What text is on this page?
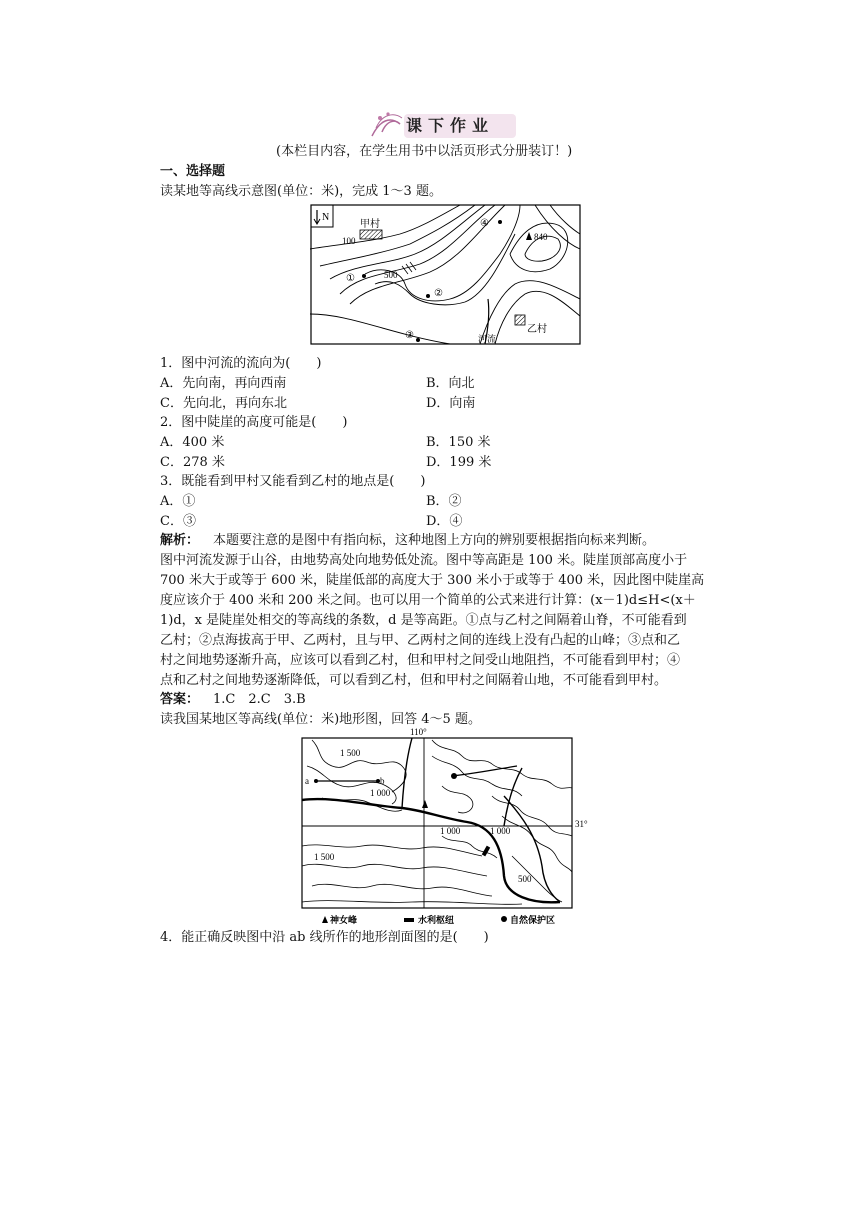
课下作业
(本栏目内容，在学生用书中以活页形式分册装订！)
一、选择题
读某地等高线示意图(单位：米)，完成 1～3 题。
N
甲村
100	840
500
①
②
③
④
乙村
河流
1．图中河流的流向为(　　)
A．先向南，再向西南	B．向北
C．先向北，再向东北	D．向南
2．图中陡崖的高度可能是(　　)
A．400 米	B．150 米
C．278 米	D．199 米
3．既能看到甲村又能看到乙村的地点是(　　)
A．①	B．②
C．③	D．④
解析： 本题要注意的是图中有指向标，这种地图上方向的辨别要根据指向标来判断。
图中河流发源于山谷，由地势高处向地势低处流。图中等高距是 100 米。陡崖顶部高度小于
700 米大于或等于 600 米，陡崖低部的高度大于 300 米小于或等于 400 米，因此图中陡崖高
度应该介于 400 米和 200 米之间。也可以用一个简单的公式来进行计算：(x－1)d≤H<(x＋
1)d，x 是陡崖处相交的等高线的条数，d 是等高距。①点与乙村之间隔着山脊，不可能看到
乙村；②点海拔高于甲、乙两村，且与甲、乙两村之间的连线上没有凸起的山峰；③点和乙
村之间地势逐渐升高，应该可以看到乙村，但和甲村之间受山地阻挡，不可能看到甲村；④
点和乙村之间地势逐渐降低，可以看到乙村，但和甲村之间隔着山地，不可能看到甲村。
答案： 1.C　2.C　3.B
读我国某地区等高线(单位：米)地形图，回答 4～5 题。
110°
31°
a	b
1 500
1 000
1 000	1 000
1 500
500
神女峰	水利枢纽	自然保护区
4．能正确反映图中沿 ab 线所作的地形剖面图的是(　　)
